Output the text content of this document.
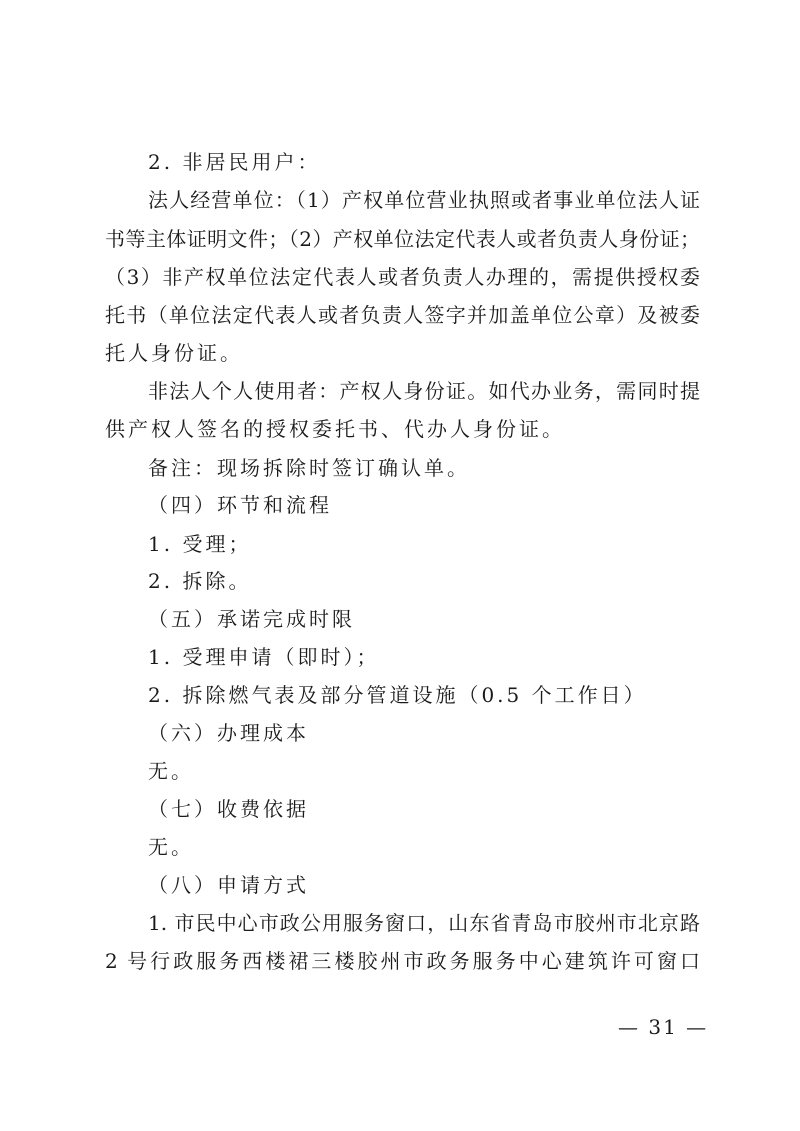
2. 非居民用户：
法人经营单位：（1）产权单位营业执照或者事业单位法人证
书等主体证明文件；（2）产权单位法定代表人或者负责人身份证；
（3）非产权单位法定代表人或者负责人办理的，需提供授权委
托书（单位法定代表人或者负责人签字并加盖单位公章）及被委
托人身份证。
非法人个人使用者：产权人身份证。如代办业务，需同时提
供产权人签名的授权委托书、代办人身份证。
备注：现场拆除时签订确认单。
（四）环节和流程
1. 受理；
2. 拆除。
（五）承诺完成时限
1. 受理申请（即时）；
2. 拆除燃气表及部分管道设施（0.5 个工作日）
（六）办理成本
无。
（七）收费依据
无。
（八）申请方式
1. 市民中心市政公用服务窗口，山东省青岛市胶州市北京路
2 号行政服务西楼裙三楼胶州市政务服务中心建筑许可窗口
— 31 —
